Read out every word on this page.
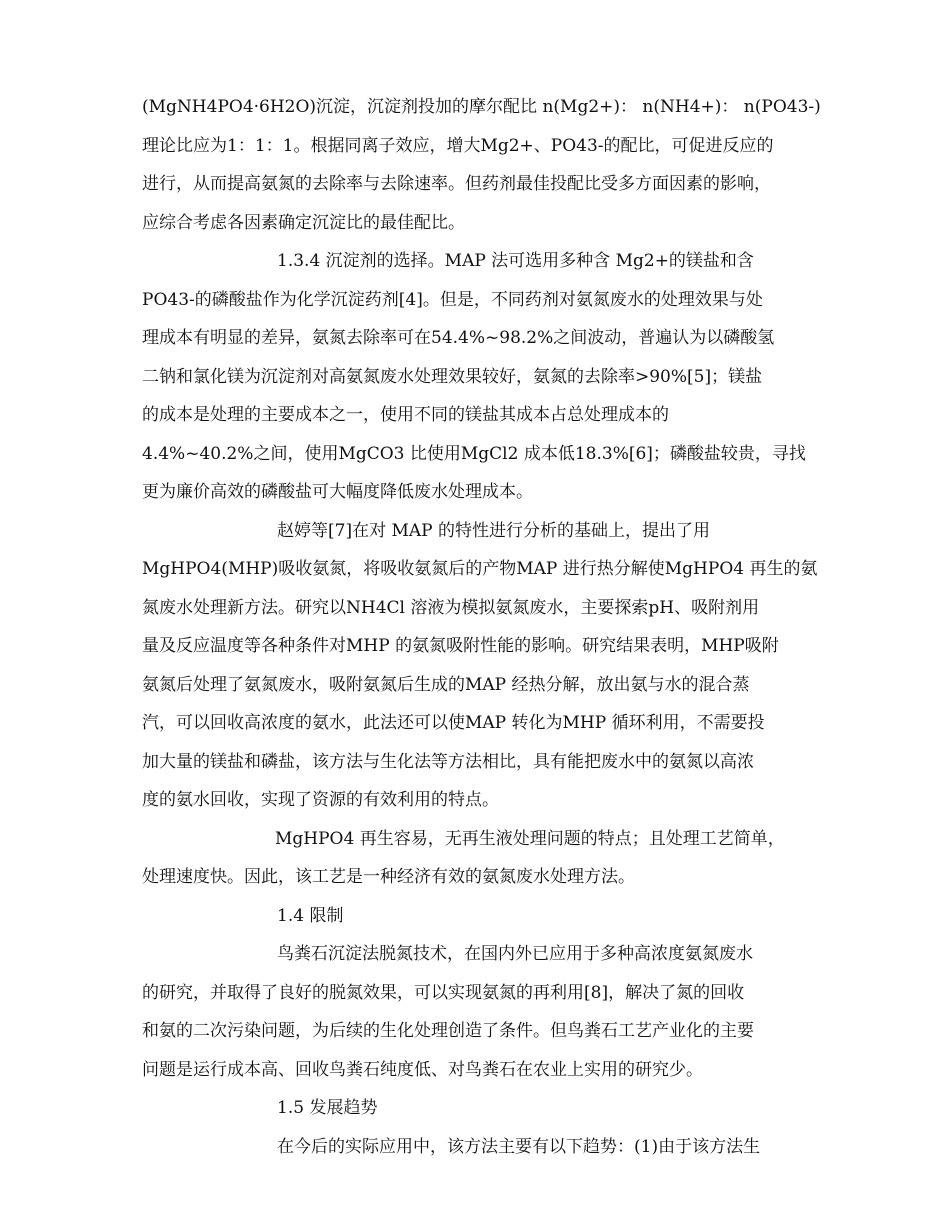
(MgNH4PO4·6H2O)沉淀，沉淀剂投加的摩尔配比 n(Mg2+)： n(NH4+)： n(PO43-)
理论比应为1：1：1。根据同离子效应，增大Mg2+、PO43-的配比，可促进反应的
进行，从而提高氨氮的去除率与去除速率。但药剂最佳投配比受多方面因素的影响，
应综合考虑各因素确定沉淀比的最佳配比。
1.3.4 沉淀剂的选择。MAP 法可选用多种含 Mg2+的镁盐和含
PO43-的磷酸盐作为化学沉淀药剂[4]。但是，不同药剂对氨氮废水的处理效果与处
理成本有明显的差异，氨氮去除率可在54.4%~98.2%之间波动，普遍认为以磷酸氢
二钠和氯化镁为沉淀剂对高氨氮废水处理效果较好，氨氮的去除率>90%[5]；镁盐
的成本是处理的主要成本之一，使用不同的镁盐其成本占总处理成本的
4.4%~40.2%之间，使用MgCO3 比使用MgCl2 成本低18.3%[6]；磷酸盐较贵，寻找
更为廉价高效的磷酸盐可大幅度降低废水处理成本。
赵婷等[7]在对 MAP 的特性进行分析的基础上，提出了用
MgHPO4(MHP)吸收氨氮，将吸收氨氮后的产物MAP 进行热分解使MgHPO4 再生的氨
氮废水处理新方法。研究以NH4Cl 溶液为模拟氨氮废水，主要探索pH、吸附剂用
量及反应温度等各种条件对MHP 的氨氮吸附性能的影响。研究结果表明，MHP吸附
氨氮后处理了氨氮废水，吸附氨氮后生成的MAP 经热分解，放出氨与水的混合蒸
汽，可以回收高浓度的氨水，此法还可以使MAP 转化为MHP 循环利用，不需要投
加大量的镁盐和磷盐，该方法与生化法等方法相比，具有能把废水中的氨氮以高浓
度的氨水回收，实现了资源的有效利用的特点。
MgHPO4 再生容易，无再生液处理问题的特点；且处理工艺简单，
处理速度快。因此，该工艺是一种经济有效的氨氮废水处理方法。
1.4 限制
鸟粪石沉淀法脱氮技术，在国内外已应用于多种高浓度氨氮废水
的研究，并取得了良好的脱氮效果，可以实现氨氮的再利用[8]，解决了氮的回收
和氨的二次污染问题，为后续的生化处理创造了条件。但鸟粪石工艺产业化的主要
问题是运行成本高、回收鸟粪石纯度低、对鸟粪石在农业上实用的研究少。
1.5 发展趋势
在今后的实际应用中，该方法主要有以下趋势：(1)由于该方法生
